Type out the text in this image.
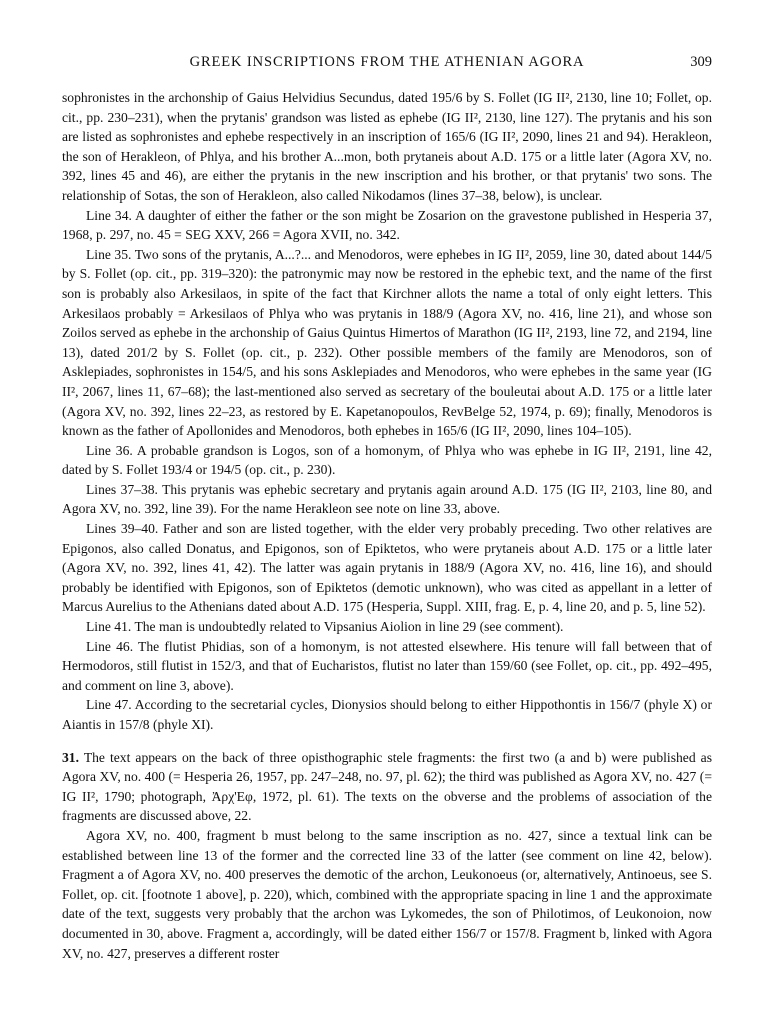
GREEK INSCRIPTIONS FROM THE ATHENIAN AGORA	309

sophronistes in the archonship of Gaius Helvidius Secundus, dated 195/6 by S. Follet (IG II², 2130, line 10; Follet, op. cit., pp. 230–231), when the prytanis' grandson was listed as ephebe (IG II², 2130, line 127). The prytanis and his son are listed as sophronistes and ephebe respectively in an inscription of 165/6 (IG II², 2090, lines 21 and 94). Herakleon, the son of Herakleon, of Phlya, and his brother A...mon, both prytaneis about A.D. 175 or a little later (Agora XV, no. 392, lines 45 and 46), are either the prytanis in the new inscription and his brother, or that prytanis' two sons. The relationship of Sotas, the son of Herakleon, also called Nikodamos (lines 37–38, below), is unclear.

Line 34. A daughter of either the father or the son might be Zosarion on the gravestone published in Hesperia 37, 1968, p. 297, no. 45 = SEG XXV, 266 = Agora XVII, no. 342.

Line 35. Two sons of the prytanis, A...?... and Menodoros, were ephebes in IG II², 2059, line 30, dated about 144/5 by S. Follet (op. cit., pp. 319–320): the patronymic may now be restored in the ephebic text, and the name of the first son is probably also Arkesilaos, in spite of the fact that Kirchner allots the name a total of only eight letters. This Arkesilaos probably = Arkesilaos of Phlya who was prytanis in 188/9 (Agora XV, no. 416, line 21), and whose son Zoilos served as ephebe in the archonship of Gaius Quintus Himertos of Marathon (IG II², 2193, line 72, and 2194, line 13), dated 201/2 by S. Follet (op. cit., p. 232). Other possible members of the family are Menodoros, son of Asklepiades, sophronistes in 154/5, and his sons Asklepiades and Menodoros, who were ephebes in the same year (IG II², 2067, lines 11, 67–68); the last-mentioned also served as secretary of the bouleutai about A.D. 175 or a little later (Agora XV, no. 392, lines 22–23, as restored by E. Kapetanopoulos, RevBelge 52, 1974, p. 69); finally, Menodoros is known as the father of Apollonides and Menodoros, both ephebes in 165/6 (IG II², 2090, lines 104–105).

Line 36. A probable grandson is Logos, son of a homonym, of Phlya who was ephebe in IG II², 2191, line 42, dated by S. Follet 193/4 or 194/5 (op. cit., p. 230).

Lines 37–38. This prytanis was ephebic secretary and prytanis again around A.D. 175 (IG II², 2103, line 80, and Agora XV, no. 392, line 39). For the name Herakleon see note on line 33, above.

Lines 39–40. Father and son are listed together, with the elder very probably preceding. Two other relatives are Epigonos, also called Donatus, and Epigonos, son of Epiktetos, who were prytaneis about A.D. 175 or a little later (Agora XV, no. 392, lines 41, 42). The latter was again prytanis in 188/9 (Agora XV, no. 416, line 16), and should probably be identified with Epigonos, son of Epiktetos (demotic unknown), who was cited as appellant in a letter of Marcus Aurelius to the Athenians dated about A.D. 175 (Hesperia, Suppl. XIII, frag. E, p. 4, line 20, and p. 5, line 52).

Line 41. The man is undoubtedly related to Vipsanius Aiolion in line 29 (see comment).

Line 46. The flutist Phidias, son of a homonym, is not attested elsewhere. His tenure will fall between that of Hermodoros, still flutist in 152/3, and that of Eucharistos, flutist no later than 159/60 (see Follet, op. cit., pp. 492–495, and comment on line 3, above).

Line 47. According to the secretarial cycles, Dionysios should belong to either Hippothontis in 156/7 (phyle X) or Aiantis in 157/8 (phyle XI).

31. The text appears on the back of three opisthographic stele fragments: the first two (a and b) were published as Agora XV, no. 400 (= Hesperia 26, 1957, pp. 247–248, no. 97, pl. 62); the third was published as Agora XV, no. 427 (= IG II², 1790; photograph, Ἀρχ'Εφ, 1972, pl. 61). The texts on the obverse and the problems of association of the fragments are discussed above, 22.

Agora XV, no. 400, fragment b must belong to the same inscription as no. 427, since a textual link can be established between line 13 of the former and the corrected line 33 of the latter (see comment on line 42, below). Fragment a of Agora XV, no. 400 preserves the demotic of the archon, Leukonoeus (or, alternatively, Antinoeus, see S. Follet, op. cit. [footnote 1 above], p. 220), which, combined with the appropriate spacing in line 1 and the approximate date of the text, suggests very probably that the archon was Lykomedes, the son of Philotimos, of Leukonoion, now documented in 30, above. Fragment a, accordingly, will be dated either 156/7 or 157/8. Fragment b, linked with Agora XV, no. 427, preserves a different roster
